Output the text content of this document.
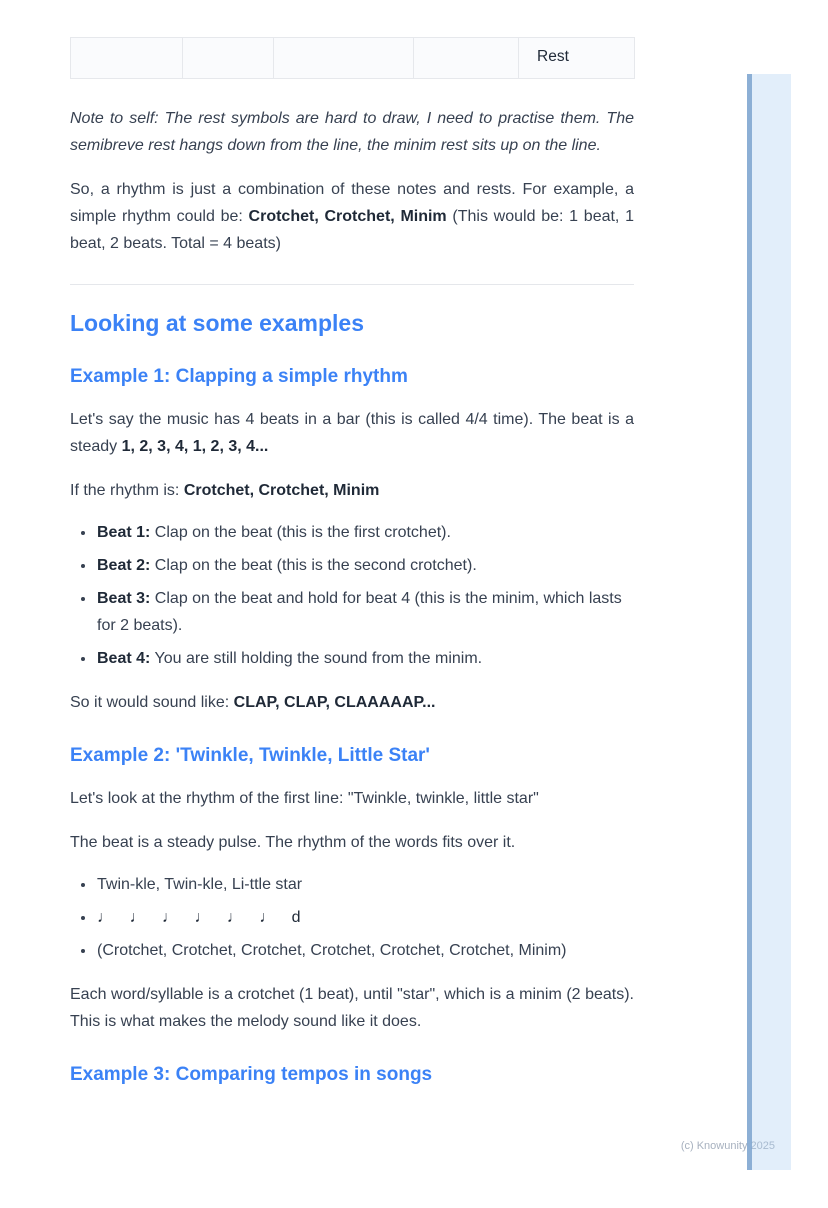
				Rest

Note to self: The rest symbols are hard to draw, I need to practise them. The semibreve rest hangs down from the line, the minim rest sits up on the line.

So, a rhythm is just a combination of these notes and rests. For example, a simple rhythm could be: Crotchet, Crotchet, Minim (This would be: 1 beat, 1 beat, 2 beats. Total = 4 beats)

Looking at some examples
Example 1: Clapping a simple rhythm

Let's say the music has 4 beats in a bar (this is called 4/4 time). The beat is a steady 1, 2, 3, 4, 1, 2, 3, 4...

If the rhythm is: Crotchet, Crotchet, Minim

• Beat 1: Clap on the beat (this is the first crotchet).
• Beat 2: Clap on the beat (this is the second crotchet).
• Beat 3: Clap on the beat and hold for beat 4 (this is the minim, which lasts for 2 beats).
• Beat 4: You are still holding the sound from the minim.

So it would sound like: CLAP, CLAP, CLAAAAAP...

Example 2: 'Twinkle, Twinkle, Little Star'

Let's look at the rhythm of the first line: "Twinkle, twinkle, little star"

The beat is a steady pulse. The rhythm of the words fits over it.

• Twin-kle, Twin-kle, Li-ttle star
• ♩ ♩ ♩ ♩ ♩ ♩ d
• (Crotchet, Crotchet, Crotchet, Crotchet, Crotchet, Crotchet, Minim)

Each word/syllable is a crotchet (1 beat), until "star", which is a minim (2 beats). This is what makes the melody sound like it does.

Example 3: Comparing tempos in songs
(c) Knowunity 2025
